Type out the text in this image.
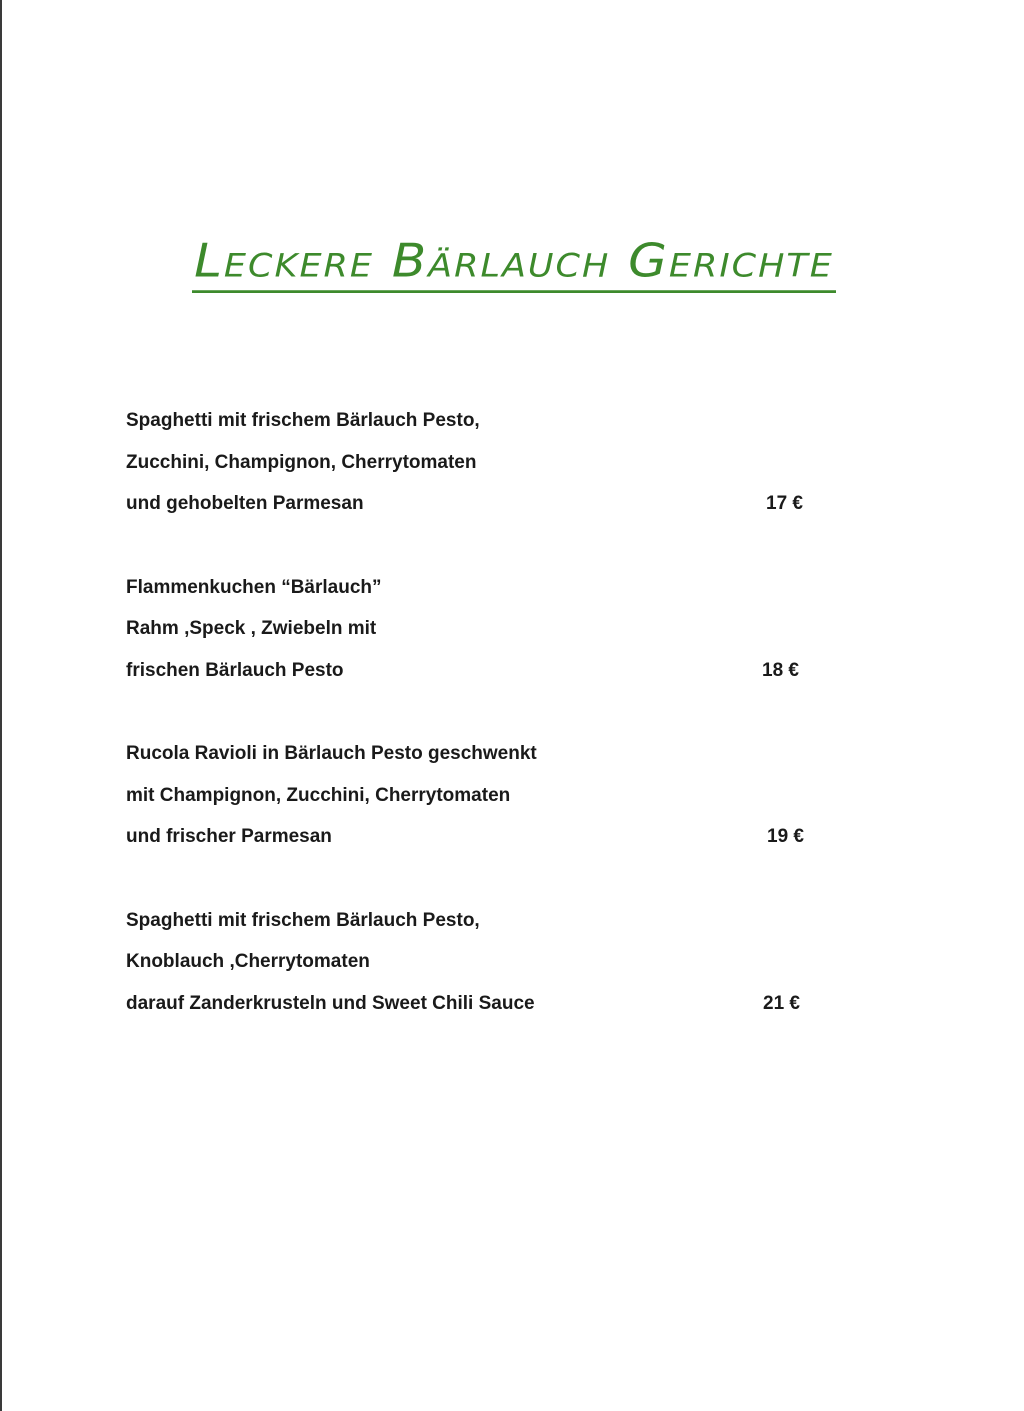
Leckere Bärlauch Gerichte
Spaghetti mit frischem Bärlauch Pesto,
Zucchini, Champignon, Cherrytomaten
und gehobelten Parmesan	17 €
Flammenkuchen “Bärlauch”
Rahm ,Speck , Zwiebeln mit
frischen Bärlauch Pesto	18 €
Rucola Ravioli in Bärlauch Pesto geschwenkt
mit Champignon, Zucchini, Cherrytomaten
und frischer Parmesan	19 €
Spaghetti mit frischem Bärlauch Pesto,
Knoblauch ,Cherrytomaten
darauf Zanderkrusteln und Sweet Chili Sauce	21 €
